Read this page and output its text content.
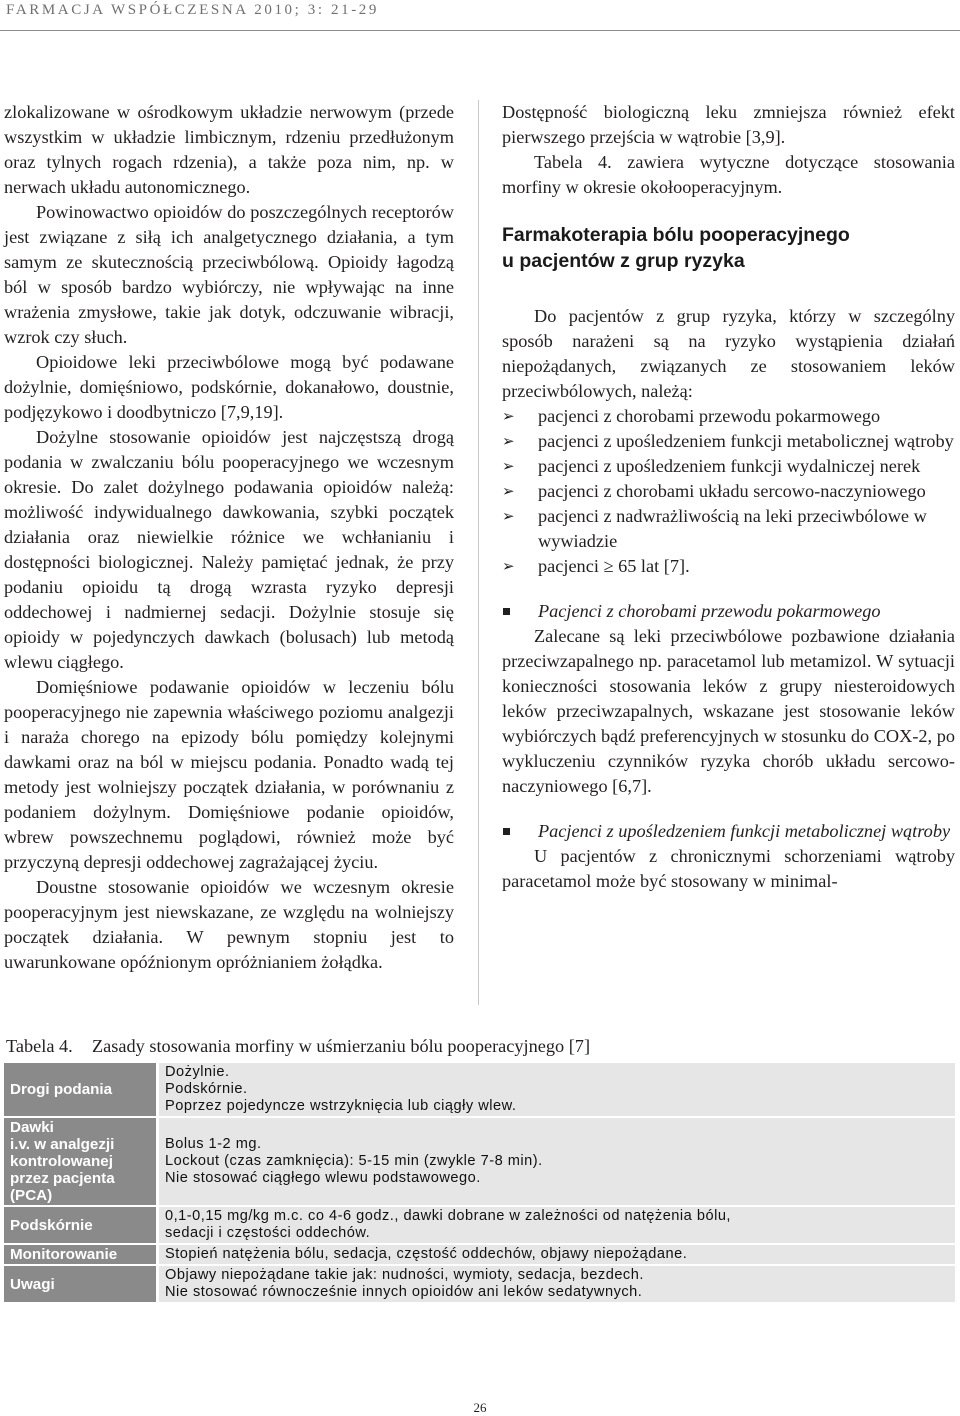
FARMACJA WSPÓŁCZESNA 2010; 3: 21-29

zlokalizowane w ośrodkowym układzie nerwowym (przede wszystkim w układzie limbicznym, rdzeniu przedłużonym oraz tylnych rogach rdzenia), a także poza nim, np. w nerwach układu autonomicznego.

Powinowactwo opioidów do poszczególnych receptorów jest związane z siłą ich analgetycznego działania, a tym samym ze skutecznością przeciwbólową. Opioidy łagodzą ból w sposób bardzo wybiórczy, nie wpływając na inne wrażenia zmysłowe, takie jak dotyk, odczuwanie wibracji, wzrok czy słuch.

Opioidowe leki przeciwbólowe mogą być podawane dożylnie, domięśniowo, podskórnie, dokanałowo, doustnie, podjęzykowo i doodbytniczo [7,9,19].

Dożylne stosowanie opioidów jest najczęstszą drogą podania w zwalczaniu bólu pooperacyjnego we wczesnym okresie. Do zalet dożylnego podawania opioidów należą: możliwość indywidualnego dawkowania, szybki początek działania oraz niewielkie różnice we wchłanianiu i dostępności biologicznej. Należy pamiętać jednak, że przy podaniu opioidu tą drogą wzrasta ryzyko depresji oddechowej i nadmiernej sedacji. Dożylnie stosuje się opioidy w pojedynczych dawkach (bolusach) lub metodą wlewu ciągłego.

Domięśniowe podawanie opioidów w leczeniu bólu pooperacyjnego nie zapewnia właściwego poziomu analgezji i naraża chorego na epizody bólu pomiędzy kolejnymi dawkami oraz na ból w miejscu podania. Ponadto wadą tej metody jest wolniejszy początek działania, w porównaniu z podaniem dożylnym. Domięśniowe podanie opioidów, wbrew powszechnemu poglądowi, również może być przyczyną depresji oddechowej zagrażającej życiu.

Doustne stosowanie opioidów we wczesnym okresie pooperacyjnym jest niewskazane, ze względu na wolniejszy początek działania. W pewnym stopniu jest to uwarunkowane opóźnionym opróżnianiem żołądka.

Dostępność biologiczną leku zmniejsza również efekt pierwszego przejścia w wątrobie [3,9].

Tabela 4. zawiera wytyczne dotyczące stosowania morfiny w okresie okołooperacyjnym.

Farmakoterapia bólu pooperacyjnego
u pacjentów z grup ryzyka

Do pacjentów z grup ryzyka, którzy w szczególny sposób narażeni są na ryzyko wystąpienia działań niepożądanych, związanych ze stosowaniem leków przeciwbólowych, należą:

➢ pacjenci z chorobami przewodu pokarmowego
➢ pacjenci z upośledzeniem funkcji metabolicznej wątroby
➢ pacjenci z upośledzeniem funkcji wydalniczej nerek
➢ pacjenci z chorobami układu sercowo-naczyniowego
➢ pacjenci z nadwrażliwością na leki przeciwbólowe w wywiadzie
➢ pacjenci ≥ 65 lat [7].
Pacjenci z chorobami przewodu pokarmowego

Zalecane są leki przeciwbólowe pozbawione działania przeciwzapalnego np. paracetamol lub metamizol. W sytuacji konieczności stosowania leków z grupy niesteroidowych leków przeciwzapalnych, wskazane jest stosowanie leków wybiórczych bądź preferencyjnych w stosunku do COX-2, po wykluczeniu czynników ryzyka chorób układu sercowo-naczyniowego [6,7].

Pacjenci z upośledzeniem funkcji metabolicznej wątroby

U pacjentów z chronicznymi schorzeniami wątroby paracetamol może być stosowany w minimal-

Tabela 4. Zasady stosowania morfiny w uśmierzaniu bólu pooperacyjnego [7]
Drogi podania	Dożylnie.
Podskórnie.
Poprzez pojedyncze wstrzyknięcia lub ciągły wlew.

Dawki
i.v. w analgezji
kontrolowanej
przez pacjenta
(PCA)	Bolus 1-2 mg.
Lockout (czas zamknięcia): 5-15 min (zwykle 7-8 min).
Nie stosować ciągłego wlewu podstawowego.

Podskórnie	0,1-0,15 mg/kg m.c. co 4-6 godz., dawki dobrane w zależności od natężenia bólu,
sedacji i częstości oddechów.

Monitorowanie	Stopień natężenia bólu, sedacja, częstość oddechów, objawy niepożądane.

Uwagi	Objawy niepożądane takie jak: nudności, wymioty, sedacja, bezdech.
Nie stosować równocześnie innych opioidów ani leków sedatywnych.
26
